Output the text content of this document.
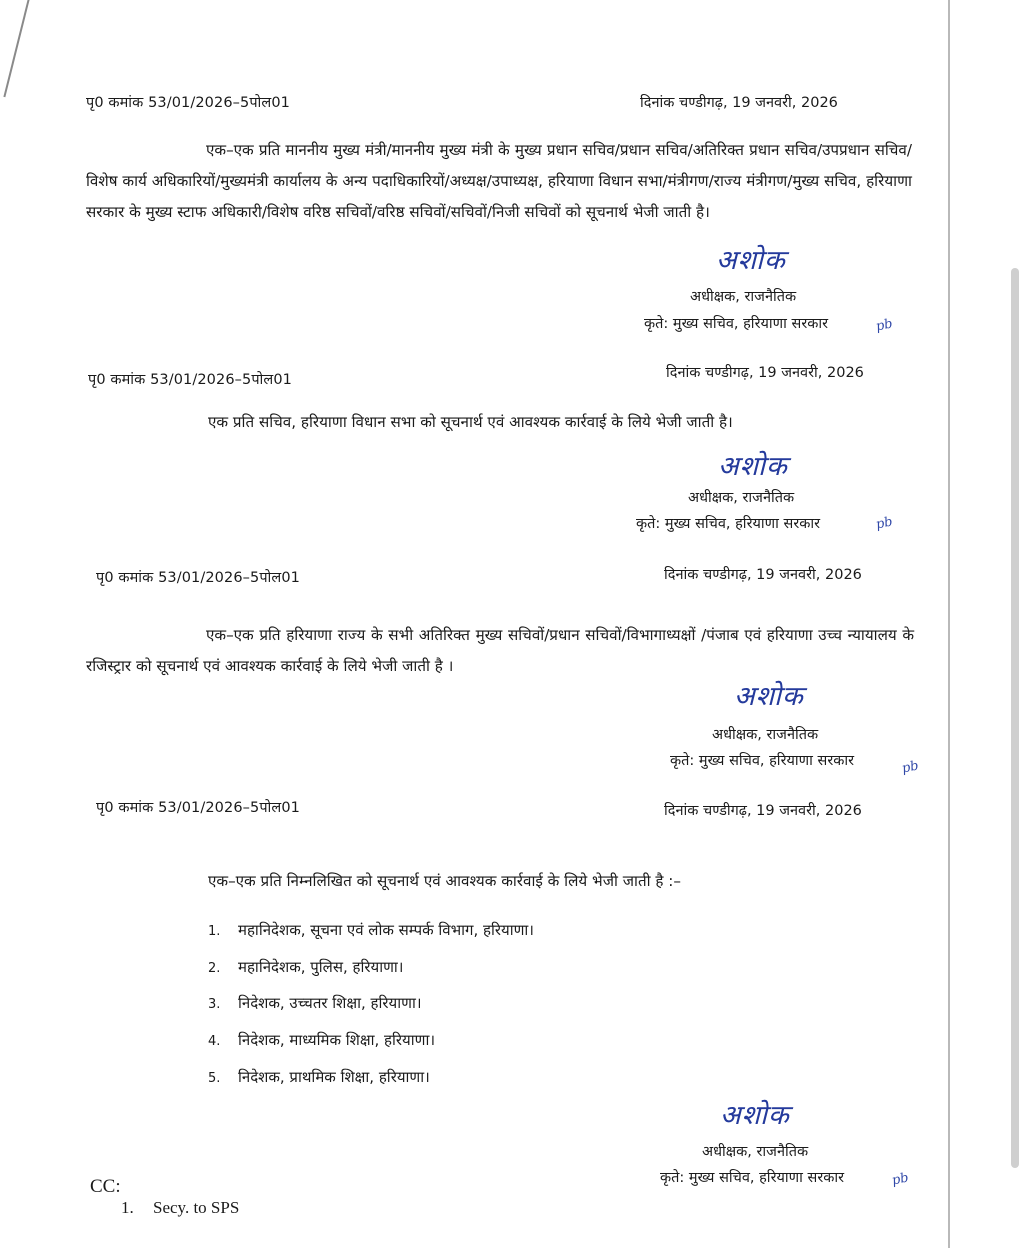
पृ0 कमांक 53/01/2026–5पोल01	दिनांक चण्डीगढ़, 19 जनवरी, 2026
एक–एक प्रति माननीय मुख्य मंत्री/माननीय मुख्य मंत्री के मुख्य प्रधान सचिव/प्रधान सचिव/अतिरिक्त प्रधान सचिव/उपप्रधान सचिव/विशेष कार्य अधिकारियों/मुख्यमंत्री कार्यालय के अन्य पदाधिकारियों/अध्यक्ष/उपाध्यक्ष, हरियाणा विधान सभा/मंत्रीगण/राज्य मंत्रीगण/मुख्य सचिव, हरियाणा सरकार के मुख्य स्टाफ अधिकारी/विशेष वरिष्ठ सचिवों/वरिष्ठ सचिवों/सचिवों/निजी सचिवों को सूचनार्थ भेजी जाती है।
अशोक
अधीक्षक, राजनैतिक
कृते: मुख्य सचिव, हरियाणा सरकार	pb
पृ0 कमांक 53/01/2026–5पोल01	दिनांक चण्डीगढ़, 19 जनवरी, 2026
एक प्रति सचिव, हरियाणा विधान सभा को सूचनार्थ एवं आवश्यक कार्रवाई के लिये भेजी जाती है।
अशोक
अधीक्षक, राजनैतिक
कृते: मुख्य सचिव, हरियाणा सरकार	pb
पृ0 कमांक 53/01/2026–5पोल01	दिनांक चण्डीगढ़, 19 जनवरी, 2026
एक–एक प्रति हरियाणा राज्य के सभी अतिरिक्त मुख्य सचिवों/प्रधान सचिवों/विभागाध्यक्षों /पंजाब एवं हरियाणा उच्च न्यायालय के रजिस्ट्रार को सूचनार्थ एवं आवश्यक कार्रवाई के लिये भेजी जाती है ।
अशोक
अधीक्षक, राजनैतिक
कृते: मुख्य सचिव, हरियाणा सरकार	pb
पृ0 कमांक 53/01/2026–5पोल01	दिनांक चण्डीगढ़, 19 जनवरी, 2026
एक–एक प्रति निम्नलिखित को सूचनार्थ एवं आवश्यक कार्रवाई के लिये भेजी जाती है :–
1. महानिदेशक, सूचना एवं लोक सम्पर्क विभाग, हरियाणा।
2. महानिदेशक, पुलिस, हरियाणा।
3. निदेशक, उच्चतर शिक्षा, हरियाणा।
4. निदेशक, माध्यमिक शिक्षा, हरियाणा।
5. निदेशक, प्राथमिक शिक्षा, हरियाणा।
अशोक
अधीक्षक, राजनैतिक
कृते: मुख्य सचिव, हरियाणा सरकार	pb
CC:
1. Secy. to SPS
